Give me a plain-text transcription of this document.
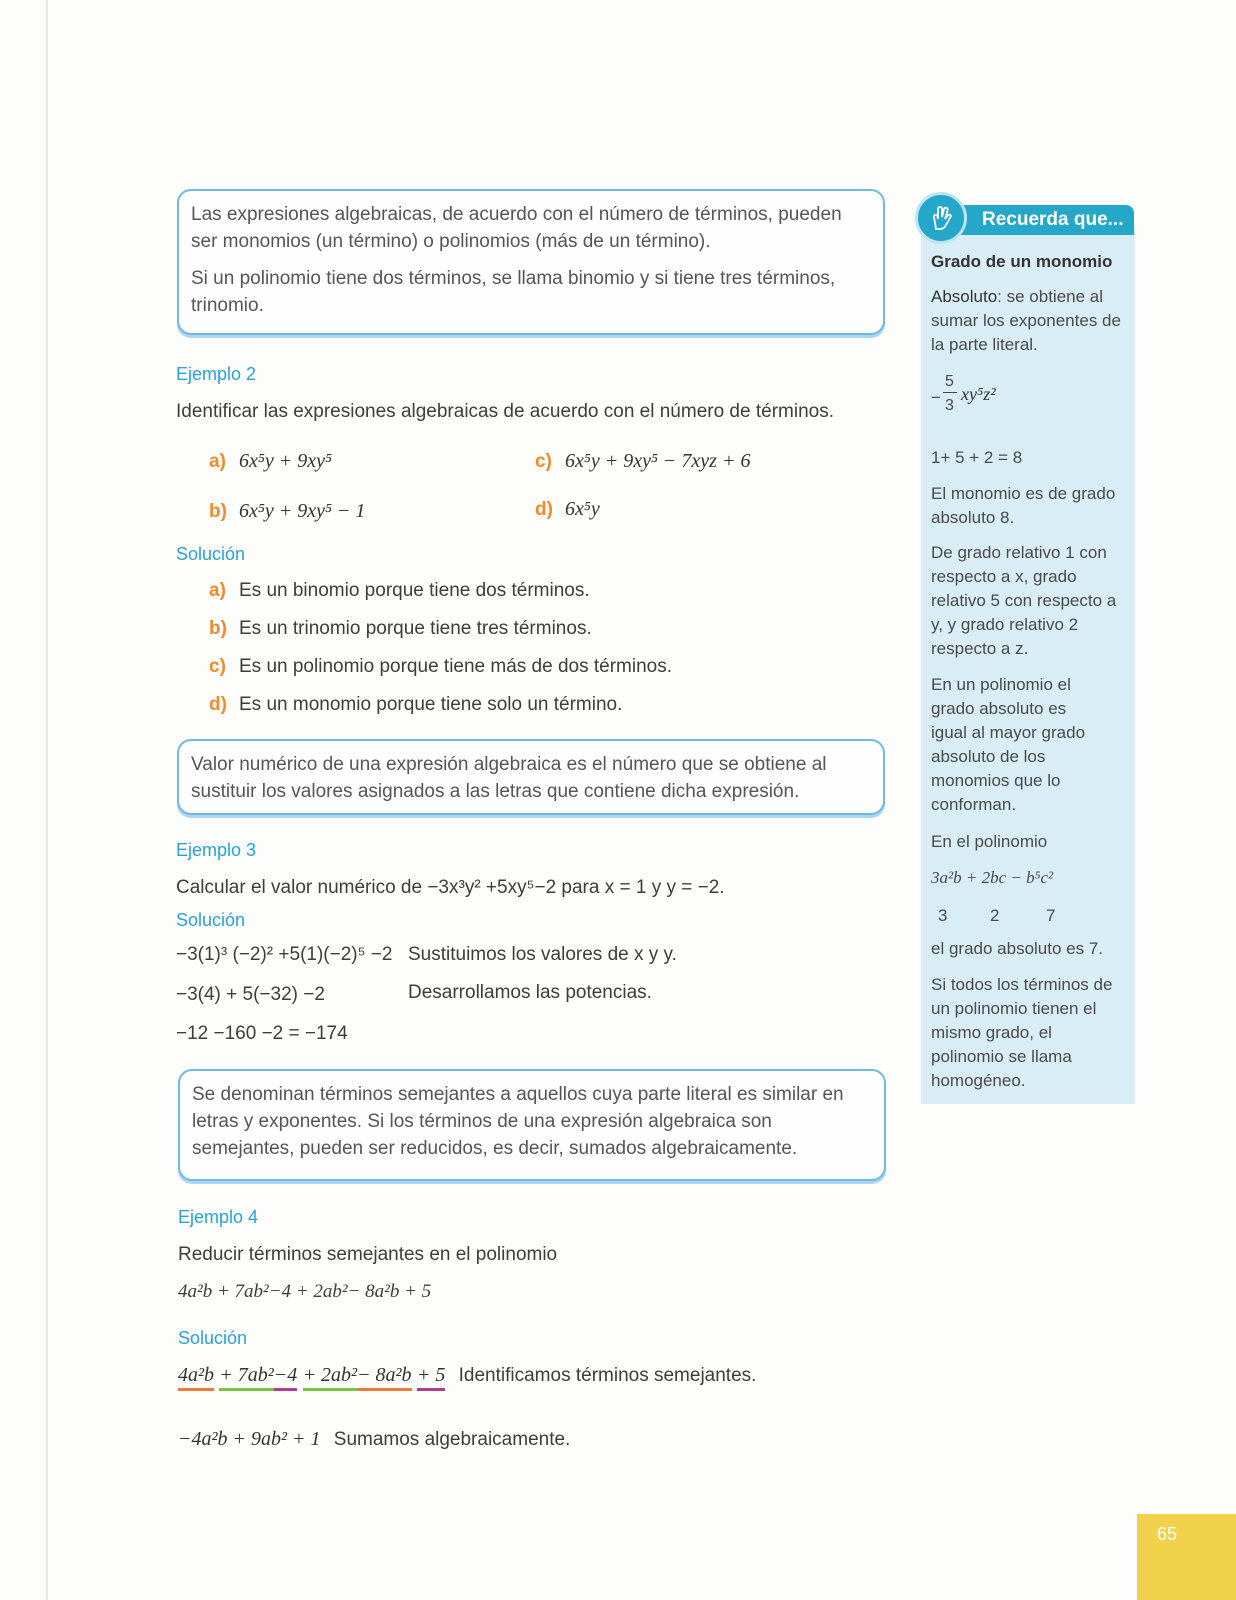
Las expresiones algebraicas, de acuerdo con el número de términos, pueden ser monomios (un término) o polinomios (más de un término).

Si un polinomio tiene dos términos, se llama binomio y si tiene tres términos, trinomio.

Ejemplo 2
Identificar las expresiones algebraicas de acuerdo con el número de términos.
a) 6x⁵y + 9xy⁵	c) 6x⁵y + 9xy⁵ − 7xyz + 6
b) 6x⁵y + 9xy⁵ − 1	d) 6x⁵y
Solución
a) Es un binomio porque tiene dos términos.
b) Es un trinomio porque tiene tres términos.
c) Es un polinomio porque tiene más de dos términos.
d) Es un monomio porque tiene solo un término.

Valor numérico de una expresión algebraica es el número que se obtiene al sustituir los valores asignados a las letras que contiene dicha expresión.

Ejemplo 3
Calcular el valor numérico de −3x³y² +5xy⁵−2 para x = 1 y y = −2.
Solución
−3(1)³ (−2)² +5(1)(−2)⁵ −2 Sustituimos los valores de x y y.
−3(4) + 5(−32) −2	Desarrollamos las potencias.
−12 −160 −2 = −174

Se denominan términos semejantes a aquellos cuya parte literal es similar en letras y exponentes. Si los términos de una expresión algebraica son semejantes, pueden ser reducidos, es decir, sumados algebraicamente.

Ejemplo 4
Reducir términos semejantes en el polinomio
4a²b + 7ab²−4 + 2ab²− 8a²b + 5
Solución
4a²b + 7ab²−4 + 2ab²− 8a²b + 5 Identificamos términos semejantes.
−4a²b + 9ab² + 1 Sumamos algebraicamente.
Recuerda que...
Grado de un monomio
Absoluto: se obtiene al sumar los exponentes de la parte literal.
−
5
3
xy⁵z²
1+ 5 + 2 = 8
El monomio es de grado absoluto 8.
De grado relativo 1 con respecto a x, grado relativo 5 con respecto a y, y grado relativo 2 respecto a z.
En un polinomio el grado absoluto es igual al mayor grado absoluto de los monomios que lo conforman.
En el polinomio
3a²b + 2bc − b⁵c²
3	2	7
el grado absoluto es 7.
Si todos los términos de un polinomio tienen el mismo grado, el polinomio se llama homogéneo.
65
